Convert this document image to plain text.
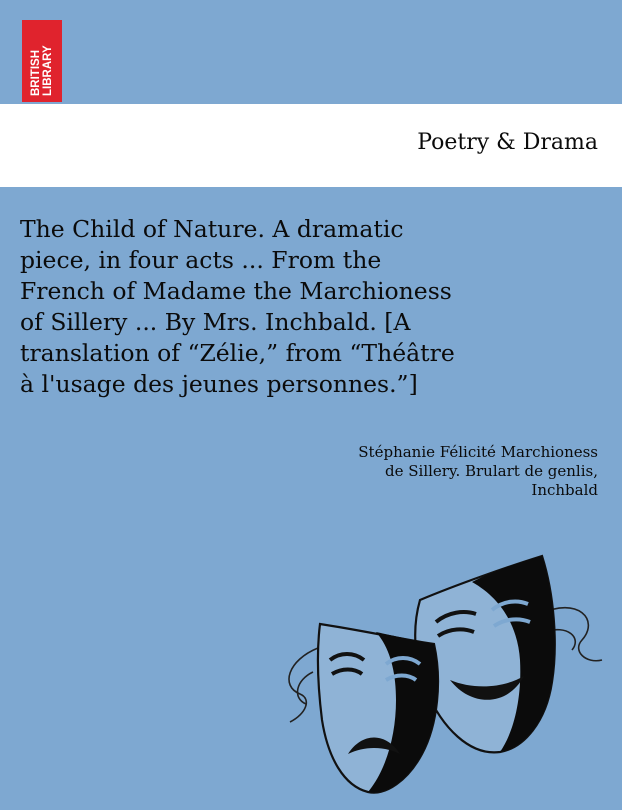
BRITISH LIBRARY
Poetry & Drama
The Child of Nature. A dramatic
piece, in four acts ... From the
French of Madame the Marchioness
of Sillery ... By Mrs. Inchbald. [A
translation of “Zélie,” from “Théâtre
à l'usage des jeunes personnes.”]
Stéphanie Félicité Marchioness
de Sillery. Brulart de genlis,
Inchbald
